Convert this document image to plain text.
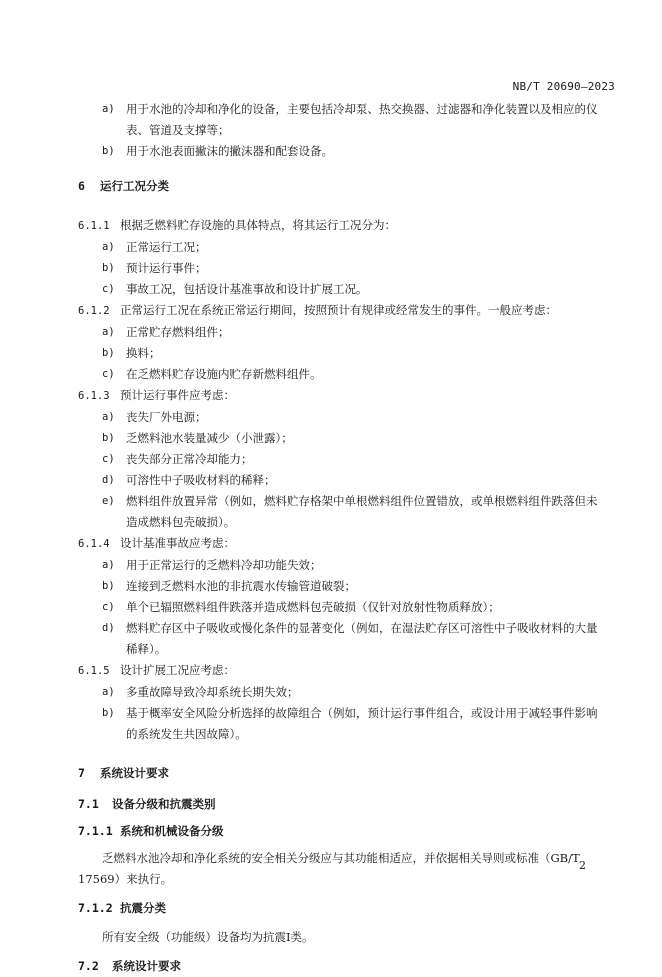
NB/T 20690—2023
a) 用于水池的冷却和净化的设备，主要包括冷却泵、热交换器、过滤器和净化装置以及相应的仪
表、管道及支撑等；
b) 用于水池表面撇沫的撇沫器和配套设备。
6 运行工况分类
6.1.1 根据乏燃料贮存设施的具体特点，将其运行工况分为：
a) 正常运行工况；
b) 预计运行事件；
c) 事故工况，包括设计基准事故和设计扩展工况。
6.1.2 正常运行工况在系统正常运行期间，按照预计有规律或经常发生的事件。一般应考虑：
a) 正常贮存燃料组件；
b) 换料；
c) 在乏燃料贮存设施内贮存新燃料组件。
6.1.3 预计运行事件应考虑：
a) 丧失厂外电源；
b) 乏燃料池水装量减少（小泄露）；
c) 丧失部分正常冷却能力；
d) 可溶性中子吸收材料的稀释；
e) 燃料组件放置异常（例如，燃料贮存格架中单根燃料组件位置错放，或单根燃料组件跌落但未
造成燃料包壳破损）。
6.1.4 设计基准事故应考虑：
a) 用于正常运行的乏燃料冷却功能失效；
b) 连接到乏燃料水池的非抗震水传输管道破裂；
c) 单个已辐照燃料组件跌落并造成燃料包壳破损（仅针对放射性物质释放）；
d) 燃料贮存区中子吸收或慢化条件的显著变化（例如，在湿法贮存区可溶性中子吸收材料的大量
稀释）。
6.1.5 设计扩展工况应考虑：
a) 多重故障导致冷却系统长期失效；
b) 基于概率安全风险分析选择的故障组合（例如，预计运行事件组合，或设计用于减轻事件影响
的系统发生共因故障）。
7 系统设计要求
7.1 设备分级和抗震类别
7.1.1 系统和机械设备分级
乏燃料水池冷却和净化系统的安全相关分级应与其功能相适应，并依据相关导则或标准（GB/T
17569）来执行。
7.1.2 抗震分类
所有安全级（功能级）设备均为抗震I类。
7.2 系统设计要求
2
